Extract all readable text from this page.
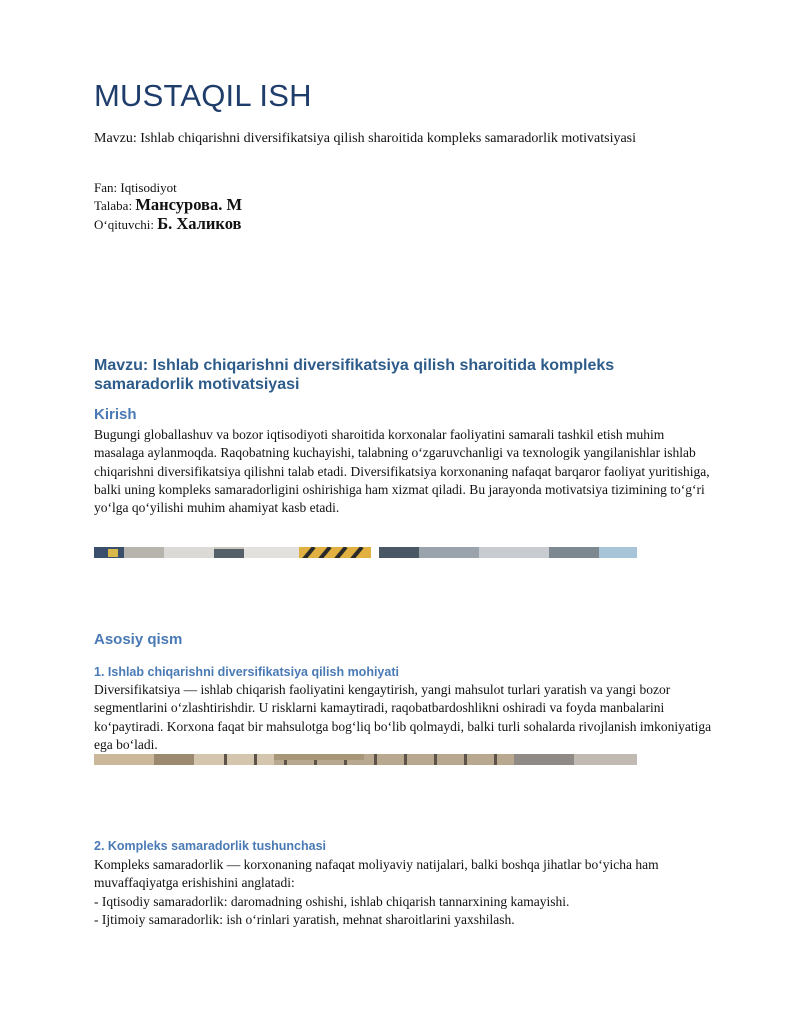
MUSTAQIL ISH
Mavzu: Ishlab chiqarishni diversifikatsiya qilish sharoitida kompleks samaradorlik motivatsiyasi
Fan: Iqtisodiyot
Talaba: Мансурова. М
O‘qituvchi: Б. Халиков
Mavzu: Ishlab chiqarishni diversifikatsiya qilish sharoitida kompleks samaradorlik motivatsiyasi
Kirish

Bugungi globallashuv va bozor iqtisodiyoti sharoitida korxonalar faoliyatini samarali tashkil etish muhim masalaga aylanmoqda. Raqobatning kuchayishi, talabning o‘zgaruvchanligi va texnologik yangilanishlar ishlab chiqarishni diversifikatsiya qilishni talab etadi. Diversifikatsiya korxonaning nafaqat barqaror faoliyat yuritishiga, balki uning kompleks samaradorligini oshirishiga ham xizmat qiladi. Bu jarayonda motivatsiya tizimining to‘g‘ri yo‘lga qo‘yilishi muhim ahamiyat kasb etadi.

Asosiy qism
1. Ishlab chiqarishni diversifikatsiya qilish mohiyati

Diversifikatsiya — ishlab chiqarish faoliyatini kengaytirish, yangi mahsulot turlari yaratish va yangi bozor segmentlarini o‘zlashtirishdir. U risklarni kamaytiradi, raqobatbardoshlikni oshiradi va foyda manbalarini ko‘paytiradi. Korxona faqat bir mahsulotga bog‘liq bo‘lib qolmaydi, balki turli sohalarda rivojlanish imkoniyatiga ega bo‘ladi.

2. Kompleks samaradorlik tushunchasi

Kompleks samaradorlik — korxonaning nafaqat moliyaviy natijalari, balki boshqa jihatlar bo‘yicha ham muvaffaqiyatga erishishini anglatadi:

- Iqtisodiy samaradorlik: daromadning oshishi, ishlab chiqarish tannarxining kamayishi.

- Ijtimoiy samaradorlik: ish o‘rinlari yaratish, mehnat sharoitlarini yaxshilash.
